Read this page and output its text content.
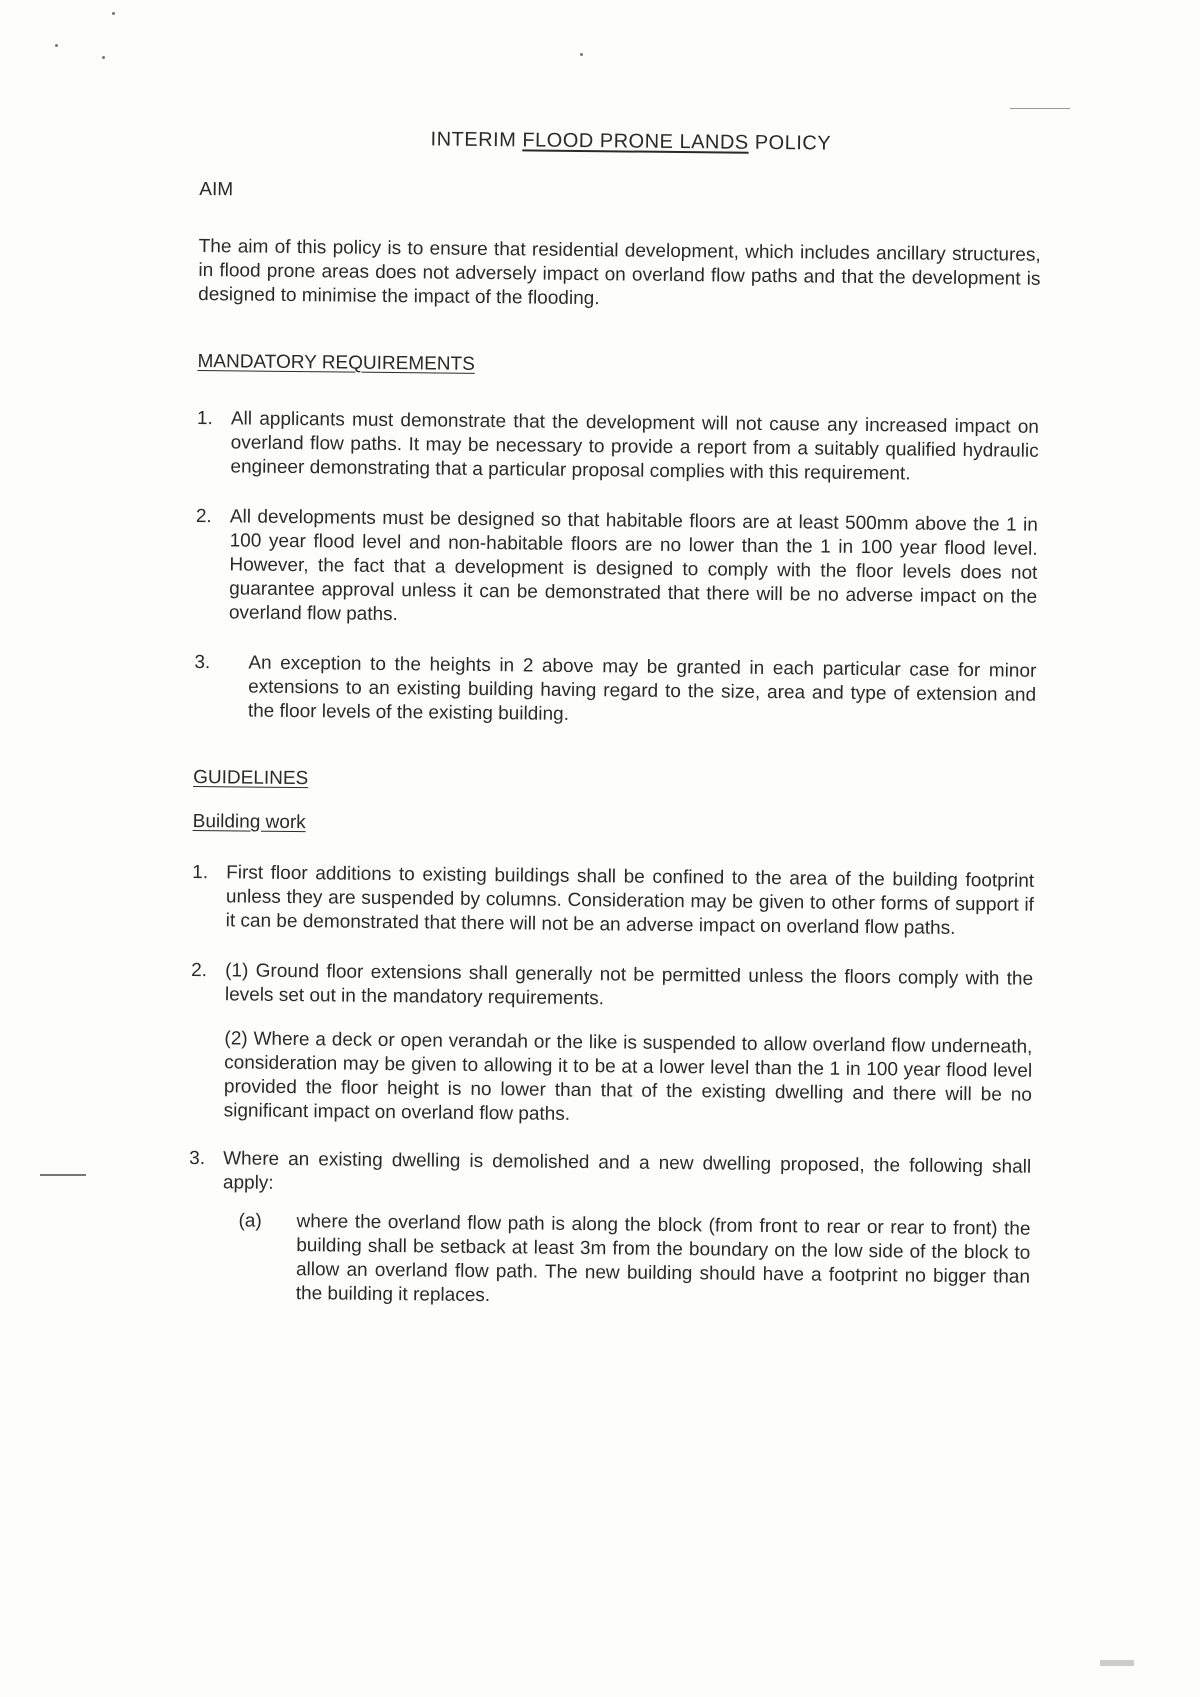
INTERIM FLOOD PRONE LANDS POLICY
AIM
The aim of this policy is to ensure that residential development, which includes ancillary structures, in flood prone areas does not adversely impact on overland flow paths and that the development is designed to minimise the impact of the flooding.
MANDATORY REQUIREMENTS
1. All applicants must demonstrate that the development will not cause any increased impact on overland flow paths. It may be necessary to provide a report from a suitably qualified hydraulic engineer demonstrating that a particular proposal complies with this requirement.
2. All developments must be designed so that habitable floors are at least 500mm above the 1 in 100 year flood level and non-habitable floors are no lower than the 1 in 100 year flood level. However, the fact that a development is designed to comply with the floor levels does not guarantee approval unless it can be demonstrated that there will be no adverse impact on the overland flow paths.
3.	An exception to the heights in 2 above may be granted in each particular case for minor extensions to an existing building having regard to the size, area and type of extension and the floor levels of the existing building.
GUIDELINES
Building work
1. First floor additions to existing buildings shall be confined to the area of the building footprint unless they are suspended by columns. Consideration may be given to other forms of support if it can be demonstrated that there will not be an adverse impact on overland flow paths.
2. (1) Ground floor extensions shall generally not be permitted unless the floors comply with the levels set out in the mandatory requirements.
(2) Where a deck or open verandah or the like is suspended to allow overland flow underneath, consideration may be given to allowing it to be at a lower level than the 1 in 100 year flood level provided the floor height is no lower than that of the existing dwelling and there will be no significant impact on overland flow paths.
3. Where an existing dwelling is demolished and a new dwelling proposed, the following shall apply:
(a)	where the overland flow path is along the block (from front to rear or rear to front) the building shall be setback at least 3m from the boundary on the low side of the block to allow an overland flow path. The new building should have a footprint no bigger than the building it replaces.
